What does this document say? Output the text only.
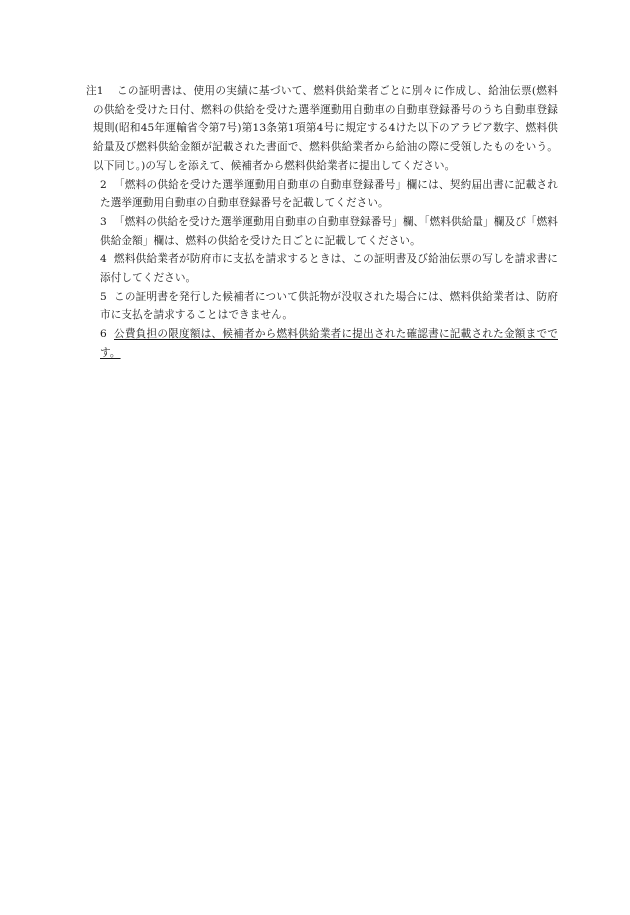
注1	この証明書は、使用の実績に基づいて、燃料供給業者ごとに別々に作成し、給油伝票(燃料の供給を受けた日付、燃料の供給を受けた選挙運動用自動車の自動車登録番号のうち自動車登録規則(昭和45年運輸省令第7号)第13条第1項第4号に規定する4けた以下のアラビア数字、燃料供給量及び燃料供給金額が記載された書面で、燃料供給業者から給油の際に受領したものをいう。以下同じ。)の写しを添えて、候補者から燃料供給業者に提出してください。
2 「燃料の供給を受けた選挙運動用自動車の自動車登録番号」欄には、契約届出書に記載された選挙運動用自動車の自動車登録番号を記載してください。
3 「燃料の供給を受けた選挙運動用自動車の自動車登録番号」欄、「燃料供給量」欄及び「燃料供給金額」欄は、燃料の供給を受けた日ごとに記載してください。
4 燃料供給業者が防府市に支払を請求するときは、この証明書及び給油伝票の写しを請求書に添付してください。
5 この証明書を発行した候補者について供託物が没収された場合には、燃料供給業者は、防府市に支払を請求することはできません。
6 公費負担の限度額は、候補者から燃料供給業者に提出された確認書に記載された金額までです。
